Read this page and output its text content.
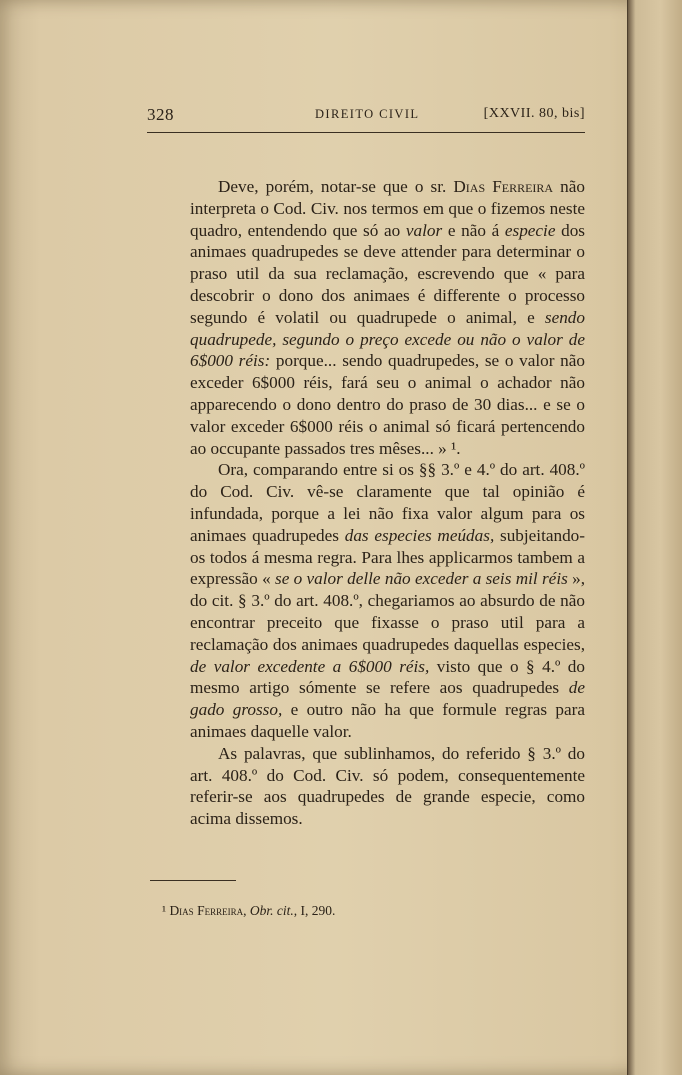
328	DIREITO CIVIL	[XXVII. 80, bis]

Deve, porém, notar-se que o sr. Dias Ferreira não interpreta o Cod. Civ. nos termos em que o fizemos neste quadro, entendendo que só ao valor e não á especie dos animaes quadrupedes se deve attender para determinar o praso util da sua reclamação, escrevendo que « para descobrir o dono dos animaes é differente o processo segundo é volatil ou quadrupede o animal, e sendo quadrupede, segundo o preço excede ou não o valor de 6$000 réis: porque... sendo quadrupedes, se o valor não exceder 6$000 réis, fará seu o animal o achador não apparecendo o dono dentro do praso de 30 dias... e se o valor exceder 6$000 réis o animal só ficará pertencendo ao occupante passados tres mêses... » ¹.

Ora, comparando entre si os §§ 3.º e 4.º do art. 408.º do Cod. Civ. vê-se claramente que tal opinião é infundada, porque a lei não fixa valor algum para os animaes quadrupedes das especies meúdas, subjeitando-os todos á mesma regra. Para lhes applicarmos tambem a expressão « se o valor delle não exceder a seis mil réis », do cit. § 3.º do art. 408.º, chegariamos ao absurdo de não encontrar preceito que fixasse o praso util para a reclamação dos animaes quadrupedes daquellas especies, de valor excedente a 6$000 réis, visto que o § 4.º do mesmo artigo sómente se refere aos quadrupedes de gado grosso, e outro não ha que formule regras para animaes daquelle valor.

As palavras, que sublinhamos, do referido § 3.º do art. 408.º do Cod. Civ. só podem, consequentemente referir-se aos quadrupedes de grande especie, como acima dissemos.

¹ Dias Ferreira, Obr. cit., I, 290.
